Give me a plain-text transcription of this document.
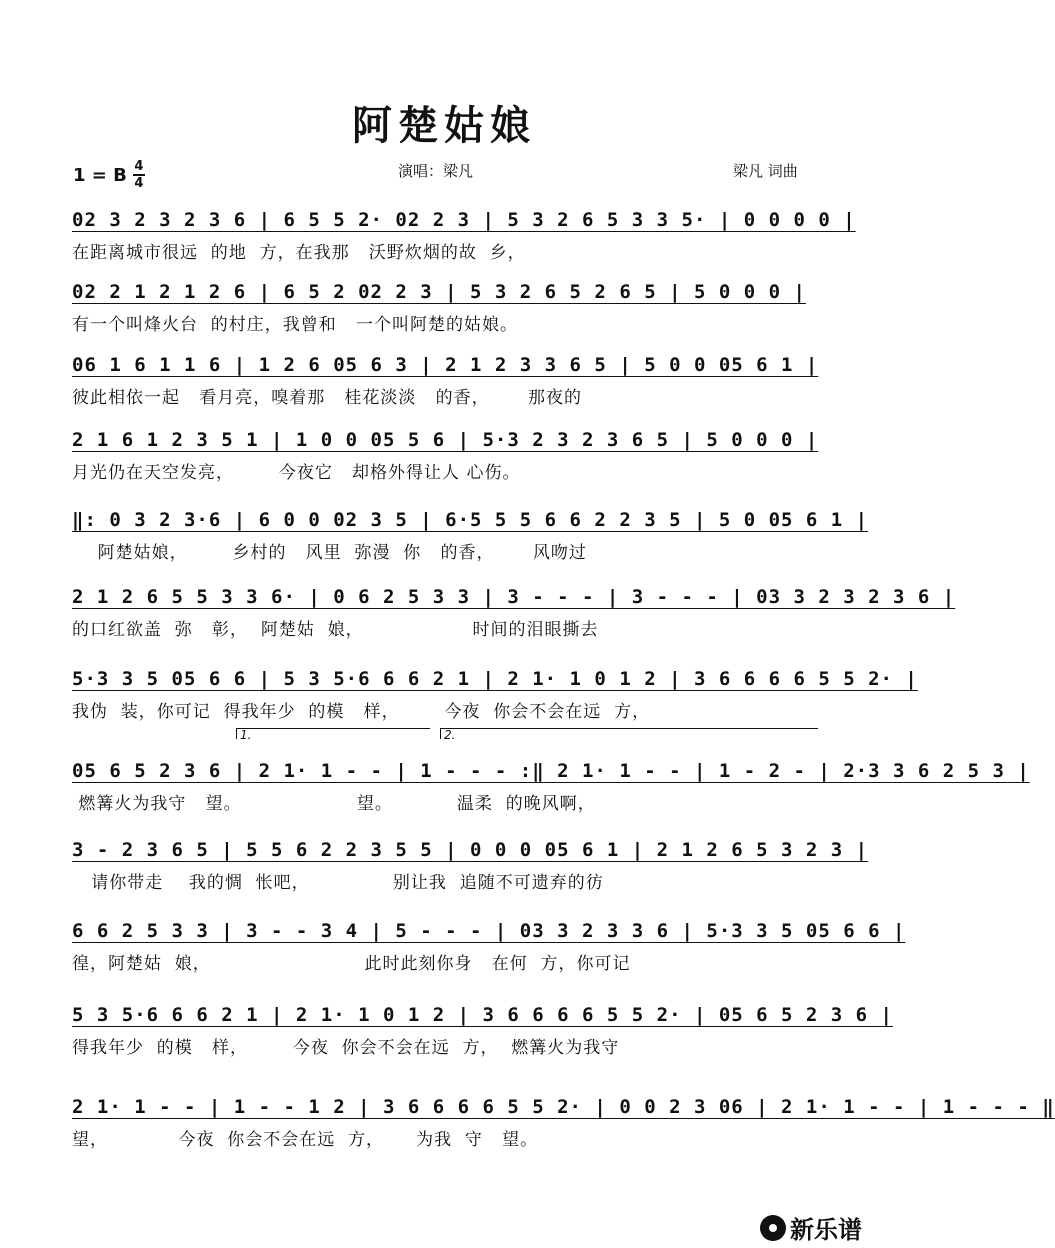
阿楚姑娘
1 = B 4
4
演唱：梁凡	梁凡 词曲
02 3 2 3 2 3 6 | 6 5 5 2· 02 2 3 | 5 3 2 6 5 3 3 5· | 0 0 0 0 |
在距离城市很远  的地  方，在我那   沃野炊烟的故  乡，
02 2 1 2 1 2 6 | 6 5 2 02 2 3 | 5 3 2 6 5 2 6 5 | 5 0 0 0 |
有一个叫烽火台  的村庄，我曾和   一个叫阿楚的姑娘。
06 1 6 1 1 6 | 1 2 6 05 6 3 | 2 1 2 3 3 6 5 | 5 0 0 05 6 1 |
彼此相依一起   看月亮，嗅着那   桂花淡淡   的香，      那夜的
2 1 6 1 2 3 5 1 | 1 0 0 05 5 6 | 5·3 2 3 2 3 6 5 | 5 0 0 0 |
月光仍在天空发亮，       今夜它   却格外得让人 心伤。
‖: 0 3 2 3·6 | 6 0 0 02 3 5 | 6·5 5 5 6 6 2 2 3 5 | 5 0 05 6 1 |
阿楚姑娘，       乡村的   风里  弥漫  你   的香，      风吻过
2 1 2 6 5 5 3 3 6· | 0 6 2 5 3 3 | 3 - - - | 3 - - - | 03 3 2 3 2 3 6 |
的口红欲盖  弥   彰，  阿楚姑  娘，                 时间的泪眼撕去
5·3 3 5 05 6 6 | 5 3 5·6 6 6 2 1 | 2 1· 1 0 1 2 | 3 6 6 6 6 5 5 2· |
我伪  装，你可记  得我年少  的模   样，       今夜  你会不会在远  方，
1.	2.
05 6 5 2 3 6 | 2 1· 1 - - | 1 - - - :‖ 2 1· 1 - - | 1 - 2 - | 2·3 3 6 2 5 3 |
燃篝火为我守   望。                  望。          温柔  的晚风啊，
3 - 2 3 6 5 | 5 5 6 2 2 3 5 5 | 0 0 0 05 6 1 | 2 1 2 6 5 3 2 3 |
请你带走    我的惆  怅吧，             别让我  追随不可遗弃的彷
6 6 2 5 3 3 | 3 - - 3 4 | 5 - - - | 03 3 2 3 3 6 | 5·3 3 5 05 6 6 |
徨，阿楚姑  娘，                        此时此刻你身   在何  方，你可记
5 3 5·6 6 6 2 1 | 2 1· 1 0 1 2 | 3 6 6 6 6 5 5 2· | 05 6 5 2 3 6 |
得我年少  的模   样，       今夜  你会不会在远  方，  燃篝火为我守
2 1· 1 - - | 1 - - 1 2 | 3 6 6 6 6 5 5 2· | 0 0 2 3 06 | 2 1· 1 - - | 1 - - - ‖
望，           今夜  你会不会在远  方，     为我  守   望。
新乐谱
